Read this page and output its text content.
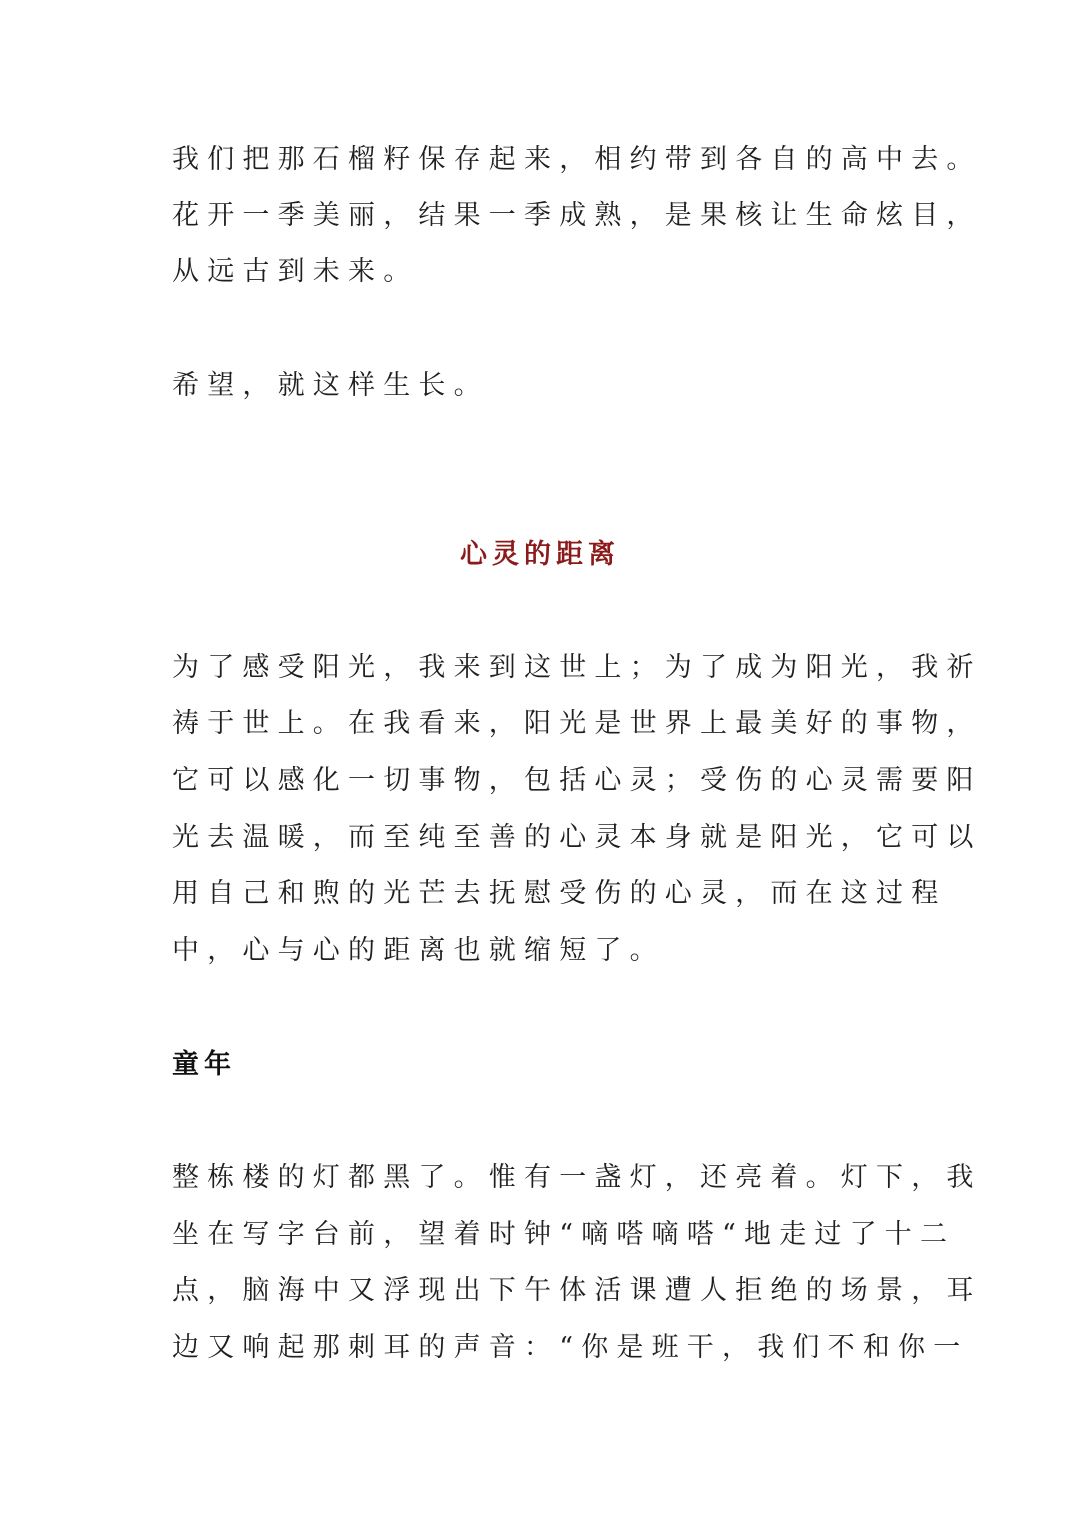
我们把那石榴籽保存起来，相约带到各自的高中去。
花开一季美丽，结果一季成熟，是果核让生命炫目，
从远古到未来。
希望，就这样生长。
心灵的距离
为了感受阳光，我来到这世上；为了成为阳光，我祈
祷于世上。在我看来，阳光是世界上最美好的事物，
它可以感化一切事物，包括心灵；受伤的心灵需要阳
光去温暖，而至纯至善的心灵本身就是阳光，它可以
用自己和煦的光芒去抚慰受伤的心灵，而在这过程
中，心与心的距离也就缩短了。
童年
整栋楼的灯都黑了。惟有一盏灯，还亮着。灯下，我
坐在写字台前，望着时钟“嘀嗒嘀嗒“地走过了十二
点，脑海中又浮现出下午体活课遭人拒绝的场景，耳
边又响起那刺耳的声音：“你是班干，我们不和你一
